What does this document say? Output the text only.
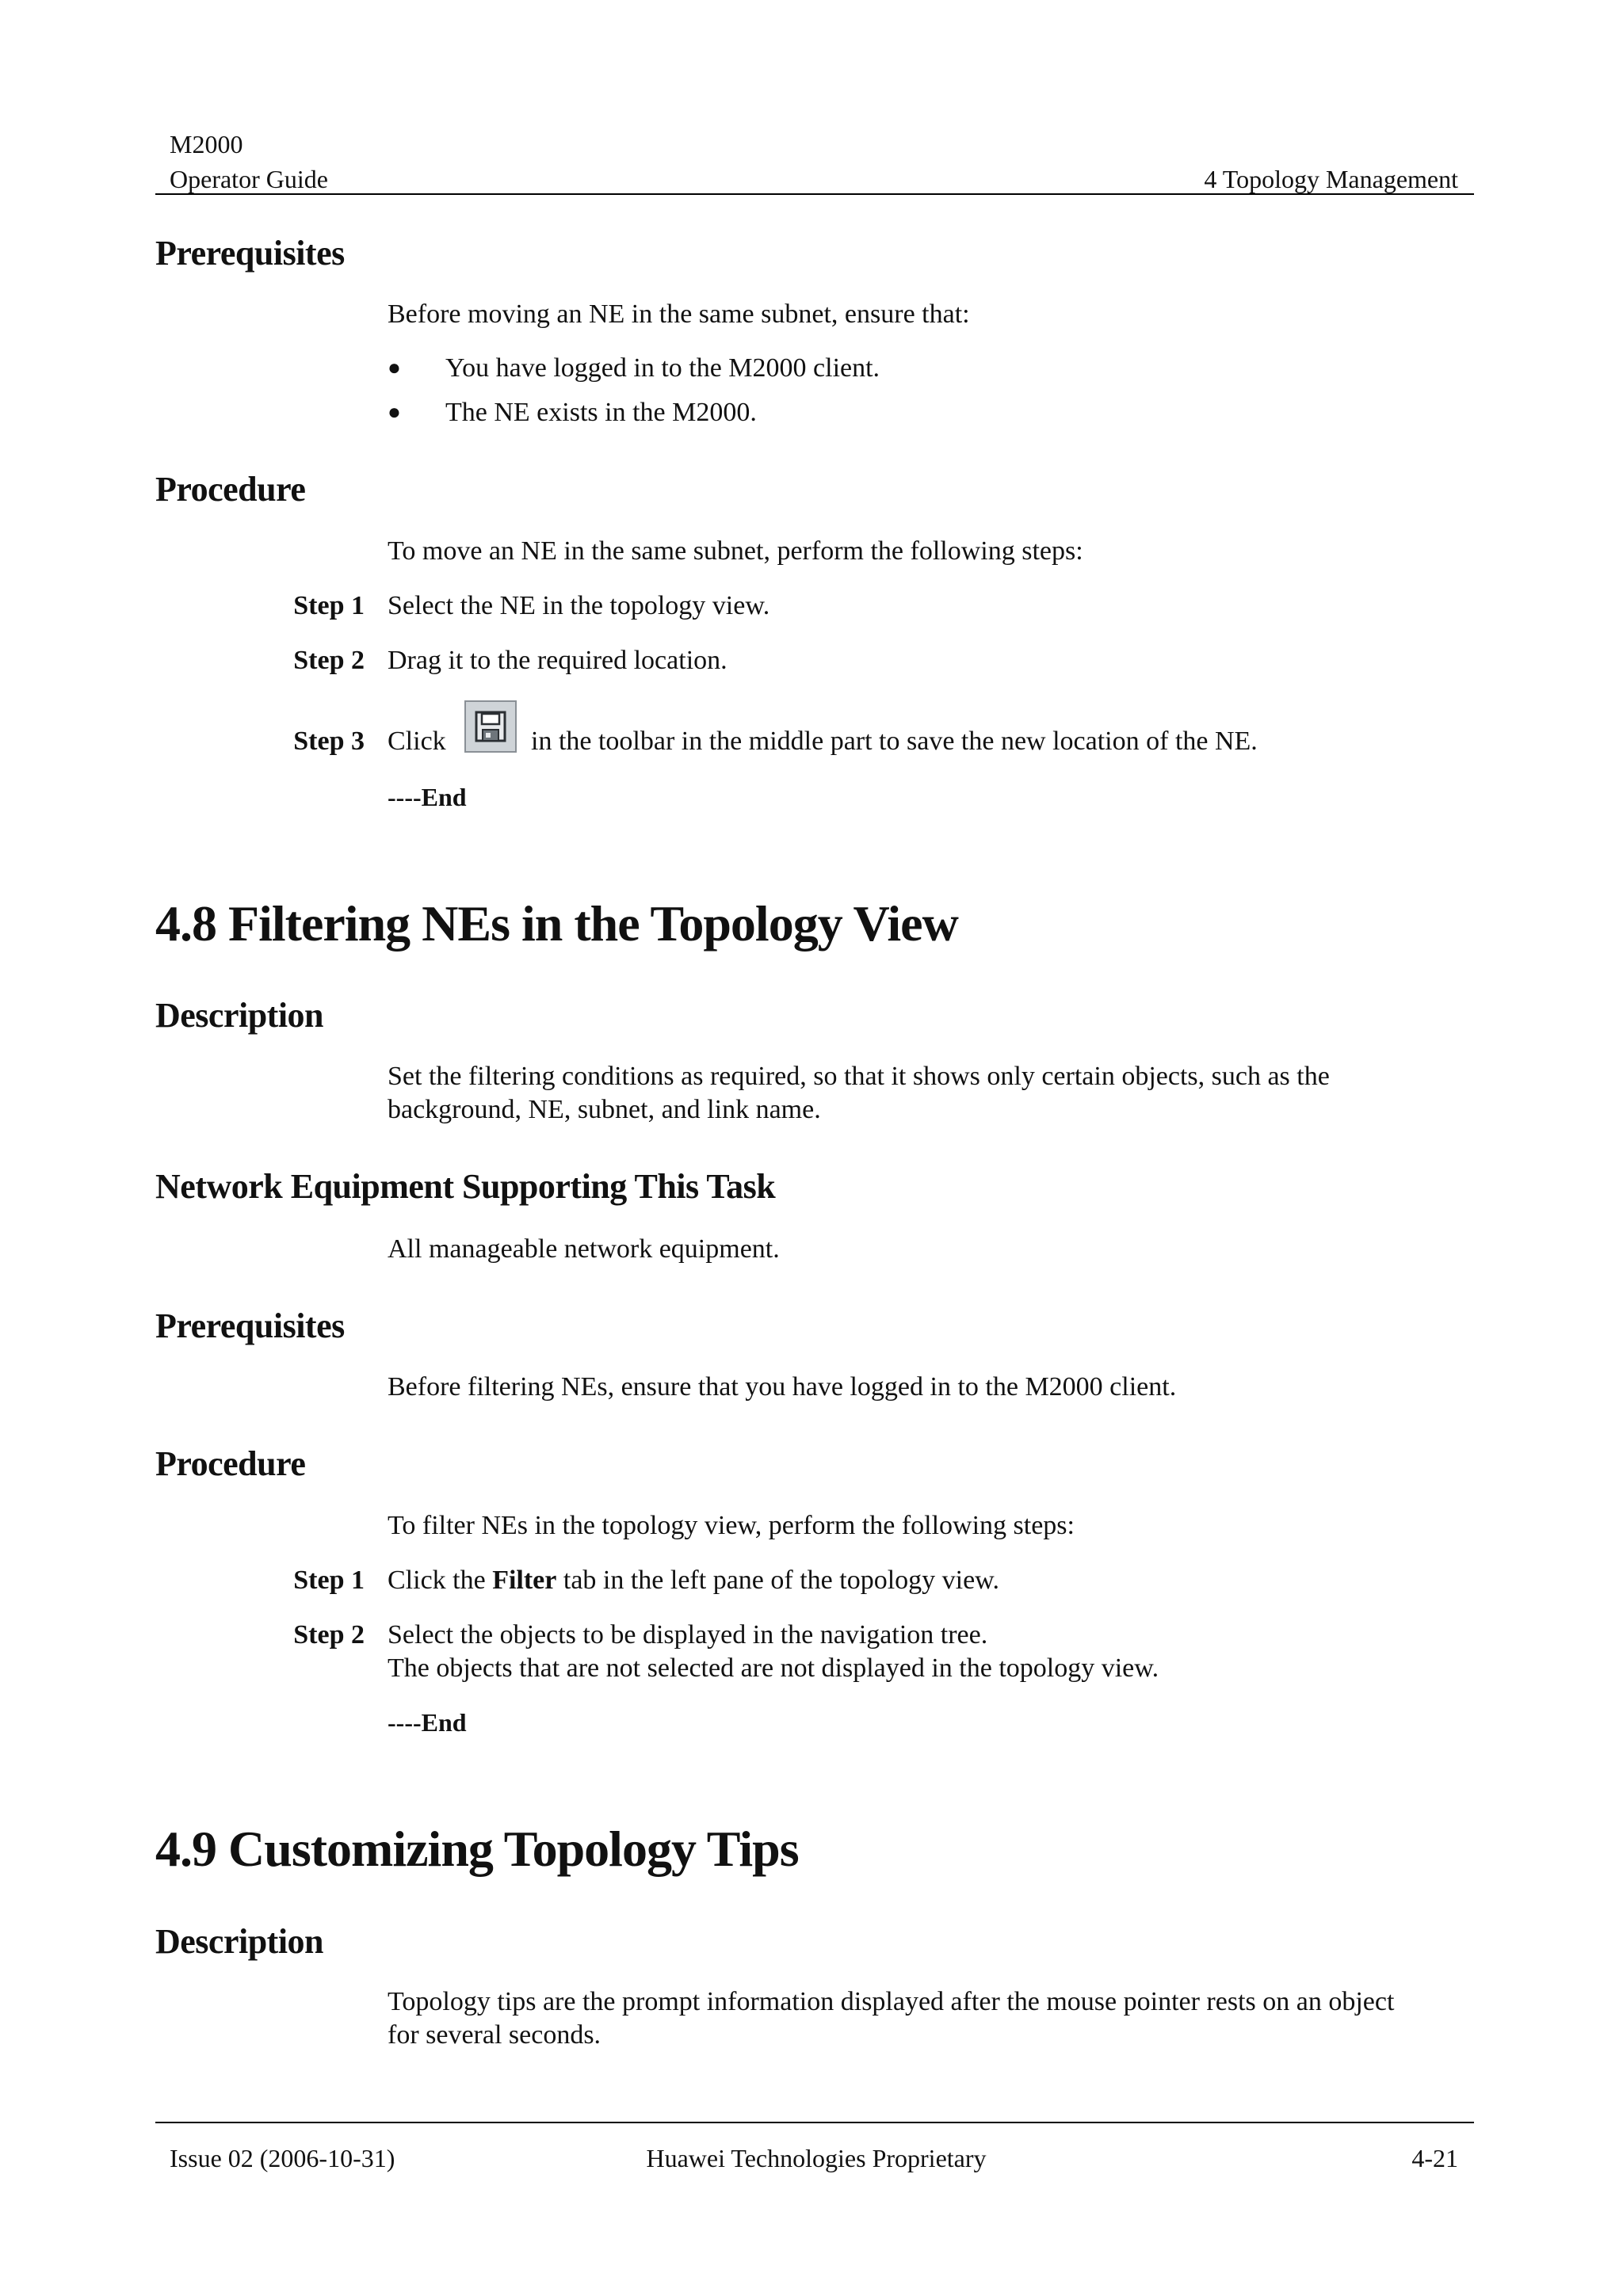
M2000
Operator Guide	4 Topology Management
Prerequisites
Before moving an NE in the same subnet, ensure that:
● You have logged in to the M2000 client.
● The NE exists in the M2000.
Procedure
To move an NE in the same subnet, perform the following steps:
Step 1 Select the NE in the topology view.
Step 2 Drag it to the required location.
Step 3 Click	in the toolbar in the middle part to save the new location of the NE.
----End
4.8 Filtering NEs in the Topology View
Description
Set the filtering conditions as required, so that it shows only certain objects, such as the
background, NE, subnet, and link name.
Network Equipment Supporting This Task
All manageable network equipment.
Prerequisites
Before filtering NEs, ensure that you have logged in to the M2000 client.
Procedure
To filter NEs in the topology view, perform the following steps:
Step 1 Click the Filter tab in the left pane of the topology view.
Step 2 Select the objects to be displayed in the navigation tree.
The objects that are not selected are not displayed in the topology view.
----End
4.9 Customizing Topology Tips
Description
Topology tips are the prompt information displayed after the mouse pointer rests on an object
for several seconds.
Issue 02 (2006-10-31)	Huawei Technologies Proprietary	4-21
